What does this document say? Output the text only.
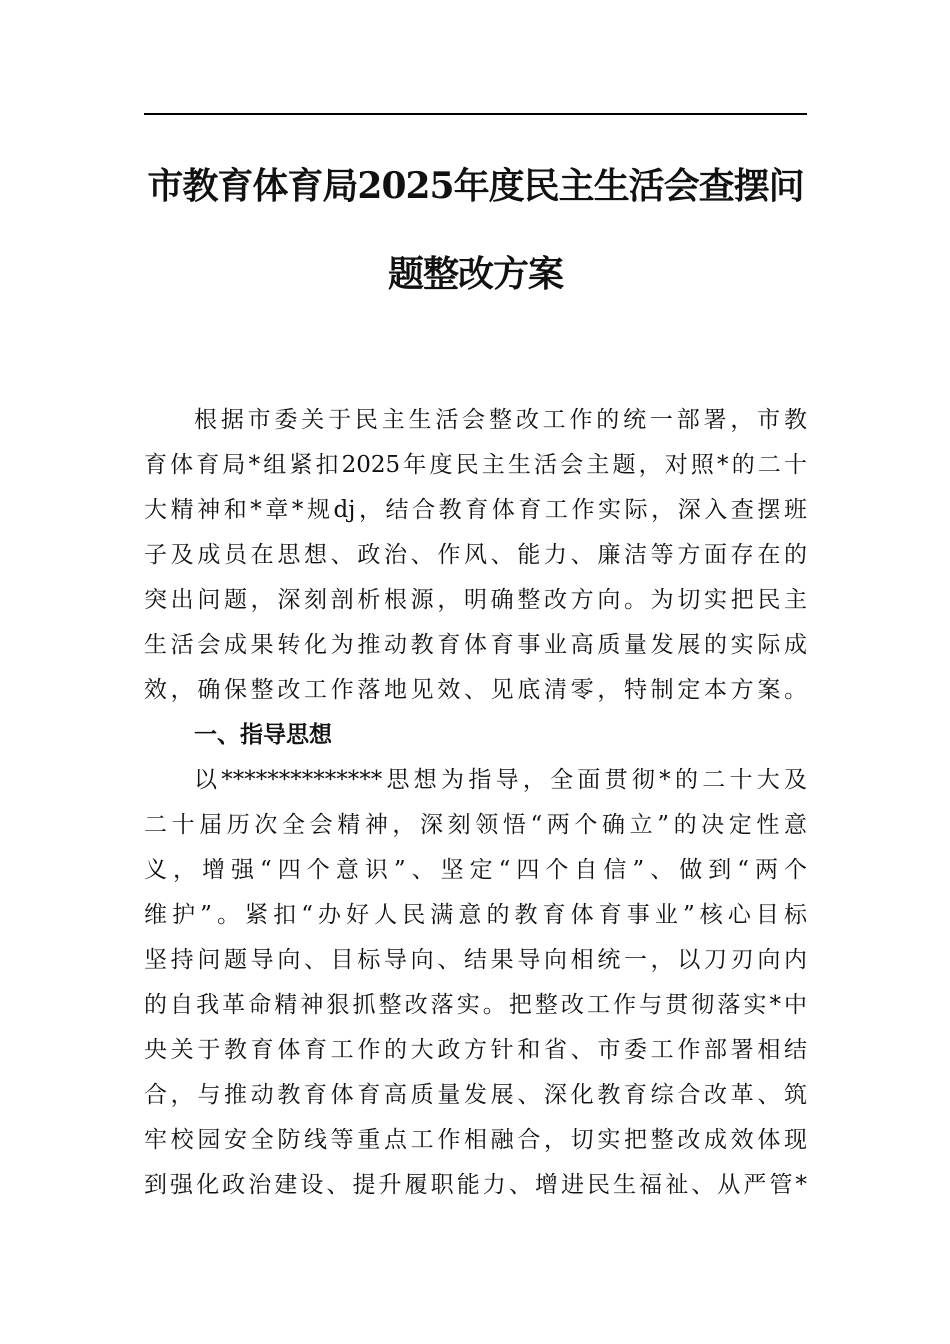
市教育体育局2025年度民主生活会查摆问
题整改方案
根据市委关于民主生活会整改工作的统一部署，市教
育体育局*组紧扣2025年度民主生活会主题，对照*的二十
大精神和*章*规dj，结合教育体育工作实际，深入查摆班
子及成员在思想、政治、作风、能力、廉洁等方面存在的
突出问题，深刻剖析根源，明确整改方向。为切实把民主
生活会成果转化为推动教育体育事业高质量发展的实际成
效，确保整改工作落地见效、见底清零，特制定本方案。
一、指导思想
以**************思想为指导，全面贯彻*的二十大及
二十届历次全会精神，深刻领悟“两个确立”的决定性意
义，增强“四个意识”、坚定“四个自信”、做到“两个
维护”。紧扣“办好人民满意的教育体育事业”核心目标
坚持问题导向、目标导向、结果导向相统一，以刀刃向内
的自我革命精神狠抓整改落实。把整改工作与贯彻落实*中
央关于教育体育工作的大政方针和省、市委工作部署相结
合，与推动教育体育高质量发展、深化教育综合改革、筑
牢校园安全防线等重点工作相融合，切实把整改成效体现
到强化政治建设、提升履职能力、增进民生福祉、从严管*
